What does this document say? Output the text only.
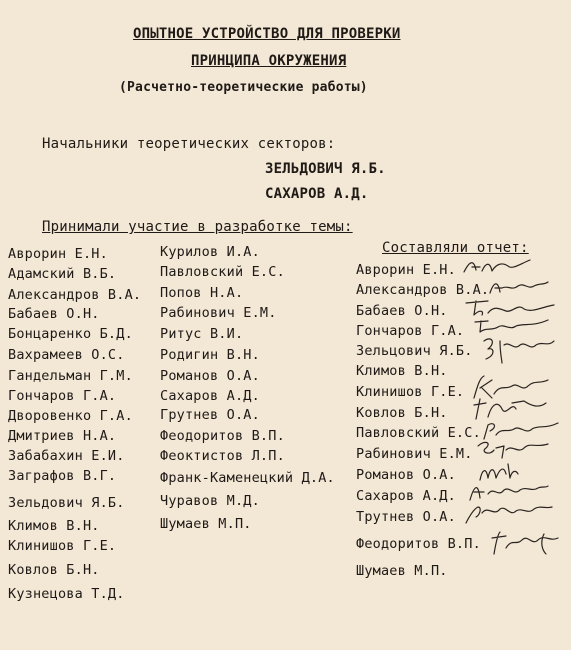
ОПЫТНОЕ УСТРОЙСТВО ДЛЯ ПРОВЕРКИ
ПРИНЦИПА ОКРУЖЕНИЯ
(Расчетно-теоретические работы)
Начальники теоретических секторов:
ЗЕЛЬДОВИЧ Я.Б.
САХАРОВ А.Д.
Принимали участие в разработке темы:
Аврорин Е.Н.
Адамский В.Б.
Александров В.А.
Бабаев О.Н.
Бонцаренко Б.Д.
Вахрамеев О.С.
Гандельман Г.М.
Гончаров Г.А.
Дворовенко Г.А.
Дмитриев Н.А.
Забабахин Е.И.
Заграфов В.Г.
Зельдович Я.Б.
Климов В.Н.
Клинишов Г.Е.
Ковлов Б.Н.
Кузнецова Т.Д.
Курилов И.А.
Павловский Е.С.
Попов Н.А.
Рабинович Е.М.
Ритус В.И.
Родигин В.Н.
Романов О.А.
Сахаров А.Д.
Грутнев О.А.
Феодоритов В.П.
Феоктистов Л.П.
Франк-Каменецкий Д.А.
Чуравов М.Д.
Шумаев М.П.
Составляли отчет:
Аврорин Е.Н.
Александров В.А.
Бабаев О.Н.
Гончаров Г.А.
Зельцович Я.Б.
Климов В.Н.
Клинишов Г.Е.
Ковлов Б.Н.
Павловский Е.С.
Рабинович Е.М.
Романов О.А.
Сахаров А.Д.
Трутнев О.А.
Феодоритов В.П.
Шумаев М.П.
